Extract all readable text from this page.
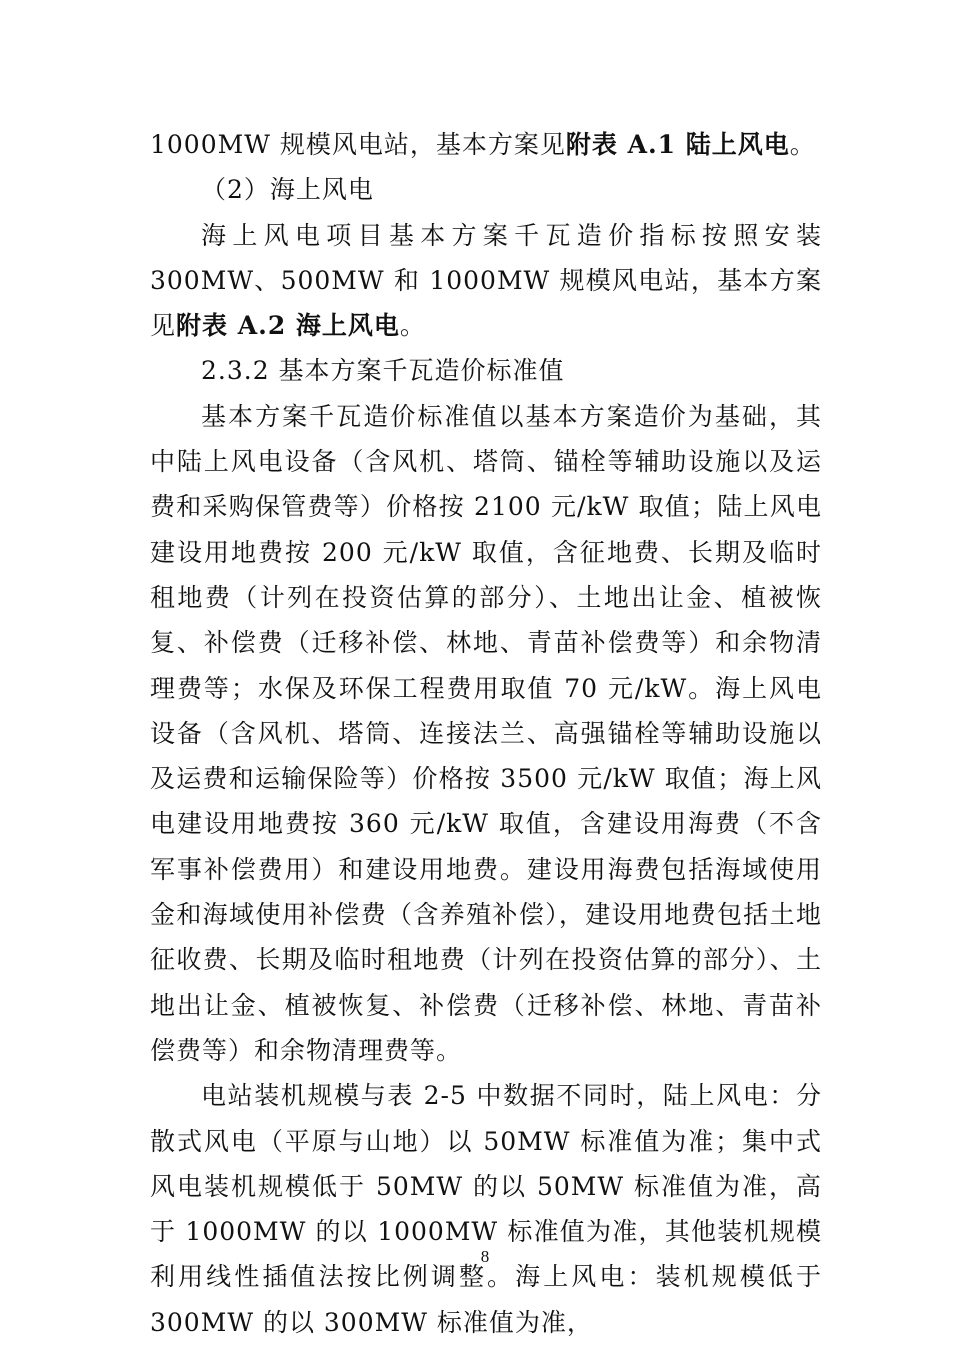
1000MW 规模风电站，基本方案见附表 A.1 陆上风电。

（2）海上风电

海上风电项目基本方案千瓦造价指标按照安装 300MW、500MW 和 1000MW 规模风电站，基本方案见附表 A.2 海上风电。

2.3.2 基本方案千瓦造价标准值

基本方案千瓦造价标准值以基本方案造价为基础，其中陆上风电设备（含风机、塔筒、锚栓等辅助设施以及运费和采购保管费等）价格按 2100 元/kW 取值；陆上风电建设用地费按 200 元/kW 取值，含征地费、长期及临时租地费（计列在投资估算的部分）、土地出让金、植被恢复、补偿费（迁移补偿、林地、青苗补偿费等）和余物清理费等；水保及环保工程费用取值 70 元/kW。海上风电设备（含风机、塔筒、连接法兰、高强锚栓等辅助设施以及运费和运输保险等）价格按 3500 元/kW 取值；海上风电建设用地费按 360 元/kW 取值，含建设用海费（不含军事补偿费用）和建设用地费。建设用海费包括海域使用金和海域使用补偿费（含养殖补偿），建设用地费包括土地征收费、长期及临时租地费（计列在投资估算的部分）、土地出让金、植被恢复、补偿费（迁移补偿、林地、青苗补偿费等）和余物清理费等。

电站装机规模与表 2-5 中数据不同时，陆上风电：分散式风电（平原与山地）以 50MW 标准值为准；集中式风电装机规模低于 50MW 的以 50MW 标准值为准，高于 1000MW 的以 1000MW 标准值为准，其他装机规模利用线性插值法按比例调整。海上风电：装机规模低于 300MW 的以 300MW 标准值为准，

8
